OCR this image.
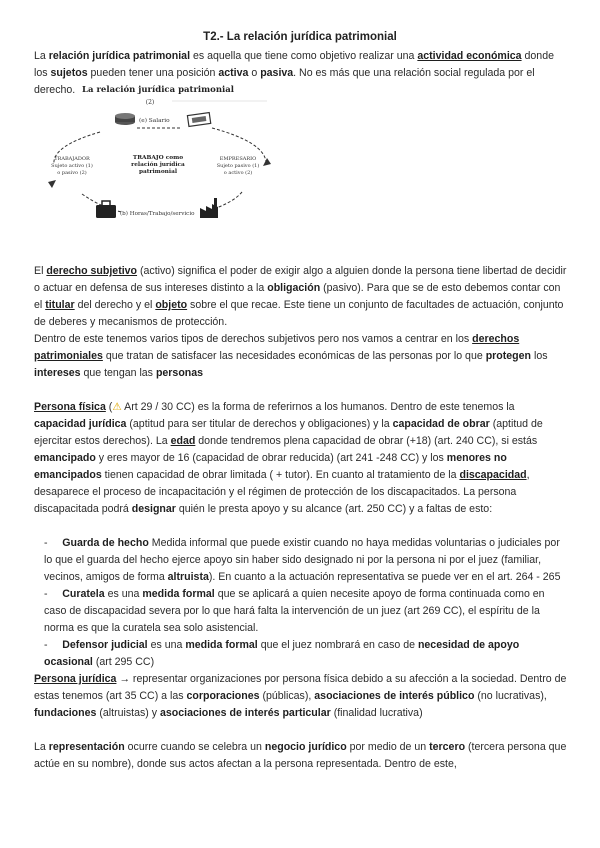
T2.- La relación jurídica patrimonial

La relación jurídica patrimonial es aquella que tiene como objetivo realizar una actividad económica donde los sujetos pueden tener una posición activa o pasiva. No es más que una relación social regulada por el derecho. La relación jurídica patrimonial
(2)
(e) Salario
TRABAJO como
relación jurídica
patrimonial
TRABAJADOR
Sujeto activo (1)
o pasivo (2)
EMPRESARIO
Sujeto pasivo (1)
o activo (2)
(b) Horas/Trabajo/servicio

El derecho subjetivo (activo) significa el poder de exigir algo a alguien donde la persona tiene libertad de decidir o actuar en defensa de sus intereses distinto a la obligación (pasivo). Para que se de esto debemos contar con el titular del derecho y el objeto sobre el que recae. Este tiene un conjunto de facultades de actuación, conjunto de deberes y mecanismos de protección.

Dentro de este tenemos varios tipos de derechos subjetivos pero nos vamos a centrar en los derechos patrimoniales que tratan de satisfacer las necesidades económicas de las personas por lo que protegen los intereses que tengan las personas

Persona física (⚠ Art 29 / 30 CC) es la forma de referirnos a los humanos. Dentro de este tenemos la capacidad jurídica (aptitud para ser titular de derechos y obligaciones) y la capacidad de obrar (aptitud de ejercitar estos derechos). La edad donde tendremos plena capacidad de obrar (+18) (art. 240 CC), si estás emancipado y eres mayor de 16 (capacidad de obrar reducida) (art 241 -248 CC) y los menores no emancipados tienen capacidad de obrar limitada ( + tutor). En cuanto al tratamiento de la discapacidad, desaparece el proceso de incapacitación y el régimen de protección de los discapacitados. La persona discapacitada podrá designar quién le presta apoyo y su alcance (art. 250 CC) y a faltas de esto:

- Guarda de hecho Medida informal que puede existir cuando no haya medidas voluntarias o judiciales por lo que el guarda del hecho ejerce apoyo sin haber sido designado ni por la persona ni por el juez (familiar, vecinos, amigos de forma altruista). En cuanto a la actuación representativa se puede ver en el art. 264 - 265

- Curatela es una medida formal que se aplicará a quien necesite apoyo de forma continuada como en caso de discapacidad severa por lo que hará falta la intervención de un juez (art 269 CC), el espíritu de la norma es que la curatela sea solo asistencial.

- Defensor judicial es una medida formal que el juez nombrará en caso de necesidad de apoyo ocasional (art 295 CC)

Persona jurídica → representar organizaciones por persona física debido a su afección a la sociedad. Dentro de estas tenemos (art 35 CC) a las corporaciones (públicas), asociaciones de interés público (no lucrativas), fundaciones (altruistas) y asociaciones de interés particular (finalidad lucrativa)

La representación ocurre cuando se celebra un negocio jurídico por medio de un tercero (tercera persona que actúe en su nombre), donde sus actos afectan a la persona representada. Dentro de este,
